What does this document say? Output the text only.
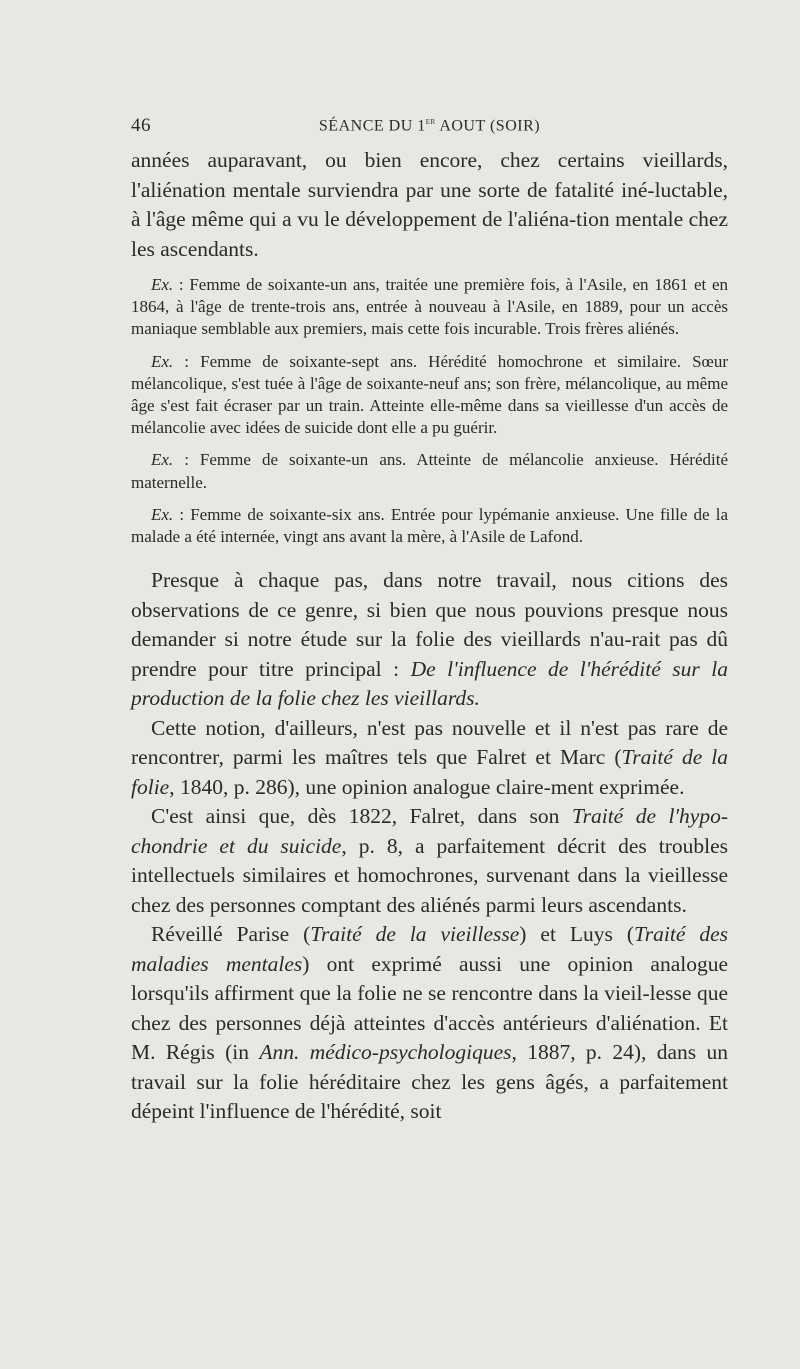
46	SÉANCE DU 1er AOUT (SOIR)

années auparavant, ou bien encore, chez certains vieillards, l'aliénation mentale surviendra par une sorte de fatalité iné-luctable, à l'âge même qui a vu le développement de l'aliéna-tion mentale chez les ascendants.

Ex. : Femme de soixante-un ans, traitée une première fois, à l'Asile, en 1861 et en 1864, à l'âge de trente-trois ans, entrée à nouveau à l'Asile, en 1889, pour un accès maniaque semblable aux premiers, mais cette fois incurable. Trois frères aliénés.

Ex. : Femme de soixante-sept ans. Hérédité homochrone et similaire. Sœur mélancolique, s'est tuée à l'âge de soixante-neuf ans; son frère, mélancolique, au même âge s'est fait écraser par un train. Atteinte elle-même dans sa vieillesse d'un accès de mélancolie avec idées de suicide dont elle a pu guérir.

Ex. : Femme de soixante-un ans. Atteinte de mélancolie anxieuse. Hérédité maternelle.

Ex. : Femme de soixante-six ans. Entrée pour lypémanie anxieuse. Une fille de la malade a été internée, vingt ans avant la mère, à l'Asile de Lafond.

Presque à chaque pas, dans notre travail, nous citions des observations de ce genre, si bien que nous pouvions presque nous demander si notre étude sur la folie des vieillards n'au-rait pas dû prendre pour titre principal : De l'influence de l'hérédité sur la production de la folie chez les vieillards.

Cette notion, d'ailleurs, n'est pas nouvelle et il n'est pas rare de rencontrer, parmi les maîtres tels que Falret et Marc (Traité de la folie, 1840, p. 286), une opinion analogue claire-ment exprimée.

C'est ainsi que, dès 1822, Falret, dans son Traité de l'hypo-chondrie et du suicide, p. 8, a parfaitement décrit des troubles intellectuels similaires et homochrones, survenant dans la vieillesse chez des personnes comptant des aliénés parmi leurs ascendants.

Réveillé Parise (Traité de la vieillesse) et Luys (Traité des maladies mentales) ont exprimé aussi une opinion analogue lorsqu'ils affirment que la folie ne se rencontre dans la vieil-lesse que chez des personnes déjà atteintes d'accès antérieurs d'aliénation. Et M. Régis (in Ann. médico-psychologiques, 1887, p. 24), dans un travail sur la folie héréditaire chez les gens âgés, a parfaitement dépeint l'influence de l'hérédité, soit
